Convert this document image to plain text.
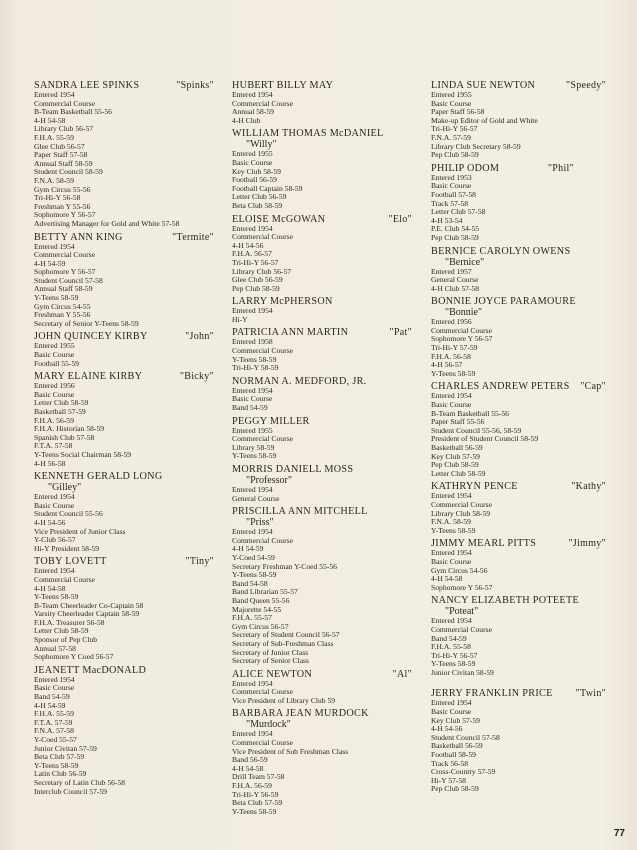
SANDRA LEE SPINKS	"Spinks"
Entered 1954
Commercial Course
B-Team Basketball 55-56
4-H 54-58
Library Club 56-57
F.H.A. 55-59
Glee Club 56-57
Paper Staff 57-58
Annual Staff 58-59
Student Council 58-59
F.N.A. 58-59
Gym Circus 55-56
Tri-Hi-Y 56-58
Freshman Y 55-56
Sophomore Y 56-57
Advertising Manager for Gold and White 57-58
BETTY ANN KING	"Termite"
Entered 1954
Commercial Course
4-H 54-59
Sophomore Y 56-57
Student Council 57-58
Annual Staff 58-59
Y-Teens 58-59
Gym Circus 54-55
Freshman Y 55-56
Secretary of Senior Y-Teens 58-59
JOHN QUINCEY KIRBY	"John"
Entered 1955
Basic Course
Football 55-59
MARY ELAINE KIRBY	"Bicky"
Entered 1956
Basic Course
Letter Club 58-59
Basketball 57-59
F.H.A. 56-59
F.H.A. Historian 58-59
Spanish Club 57-58
F.T.A. 57-58
Y-Teens Social Chairman 58-59
4-H 56-58
KENNETH GERALD LONG
"Gilley"
Entered 1954
Basic Course
Student Council 55-56
4-H 54-56
Vice President of Junior Class
Y-Club 56-57
Hi-Y President 58-59
TOBY LOVETT	"Tiny"
Entered 1954
Commercial Course
4-H 54-58
Y-Teens 58-59
B-Team Cheerleader Co-Captain 58
Varsity Cheerleader Captain 58-59
F.H.A. Treasurer 56-58
Letter Club 58-59
Sponsor of Pep Club
Annual 57-58
Sophomore Y Coed 56-57
JEANETT MacDONALD
Entered 1954
Basic Course
Band 54-59
4-H 54-59
F.H.A. 55-59
F.T.A. 57-59
F.N.A. 57-58
Y-Coed 55-57
Junior Civitan 57-59
Beta Club 57-59
Y-Teens 58-59
Latin Club 56-59
Secretary of Latin Club 56-58
Interclub Council 57-59
HUBERT BILLY MAY
Entered 1954
Commercial Course
Annual 58-59
4-H Club
WILLIAM THOMAS McDANIEL
"Willy"
Entered 1955
Basic Course
Key Club 58-59
Football 56-59
Football Captain 58-59
Letter Club 56-59
Beta Club 58-59
ELOISE McGOWAN	"Elo"
Entered 1954
Commercial Course
4-H 54-56
F.H.A. 56-57
Tri-Hi-Y 56-57
Library Club 56-57
Glee Club 56-59
Pep Club 58-59
LARRY McPHERSON
Entered 1954
Hi-Y
PATRICIA ANN MARTIN	"Pat"
Entered 1958
Commercial Course
Y-Teens 58-59
Tri-Hi-Y 58-59
NORMAN A. MEDFORD, JR.
Entered 1954
Basic Course
Band 54-59
PEGGY MILLER
Entered 1955
Commercial Course
Library 58-59
Y-Teens 58-59
MORRIS DANIELL MOSS
"Professor"
Entered 1954
General Course
PRISCILLA ANN MITCHELL
"Priss"
Entered 1954
Commercial Course
4-H 54-59
Y-Coed 54-59
Secretary Freshman Y-Coed 55-56
Y-Teens 58-59
Band 54-58
Band Librarian 55-57
Band Queen 55-56
Majorette 54-55
F.H.A. 55-57
Gym Circus 56-57
Secretary of Student Council 56-57
Secretary of Sub-Freshman Class
Secretary of Junior Class
Secretary of Senior Class
ALICE NEWTON	"Al"
Entered 1954
Commercial Course
Vice President of Library Club 59
BARBARA JEAN MURDOCK
"Murdock"
Entered 1954
Commercial Course
Vice President of Sub Freshman Class
Band 56-59
4-H 54-58
Drill Team 57-58
F.H.A. 56-59
Tri-Hi-Y 56-59
Beta Club 57-59
Y-Teens 58-59
LINDA SUE NEWTON	"Speedy"
Entered 1955
Basic Course
Paper Staff 56-58
Make-up Editor of Gold and White
Tri-Hi-Y 56-57
F.N.A. 57-59
Library Club Secretary 58-59
Pep Club 58-59
PHILIP ODOM	"Phil"
Entered 1953
Basic Course
Football 57-58
Track 57-58
Letter Club 57-58
4-H 53-54
P.E. Club 54-55
Pep Club 58-59
BERNICE CAROLYN OWENS
"Bernice"
Entered 1957
General Course
4-H Club 57-58
BONNIE JOYCE PARAMOURE
"Bonnie"
Entered 1956
Commercial Course
Sophomore Y 56-57
Tri-Hi-Y 57-59
F.H.A. 56-58
4-H 56-57
Y-Teens 58-59
CHARLES ANDREW PETERS "Cap"
Entered 1954
Basic Course
B-Team Basketball 55-56
Paper Staff 55-56
Student Council 55-56, 58-59
President of Student Council 58-59
Basketball 56-59
Key Club 57-59
Pep Club 58-59
Letter Club 58-59
KATHRYN PENCE	"Kathy"
Entered 1954
Commercial Course
Library Club 58-59
F.N.A. 58-59
Y-Teens 58-59
JIMMY MEARL PITTS	"Jimmy"
Entered 1954
Basic Course
Gym Circus 54-56
4-H 54-58
Sophomore Y 56-57
NANCY ELIZABETH POTEETE
"Poteat"
Entered 1954
Commercial Course
Band 54-59
F.H.A. 55-58
Tri-Hi-Y 56-57
Y-Teens 58-59
Junior Civitan 58-59
JERRY FRANKLIN PRICE "Twin"
Entered 1954
Basic Course
Key Club 57-59
4-H 54-56
Student Council 57-58
Basketball 56-59
Football 58-59
Track 56-58
Cross-Country 57-59
Hi-Y 57-58
Pep Club 58-59
77
